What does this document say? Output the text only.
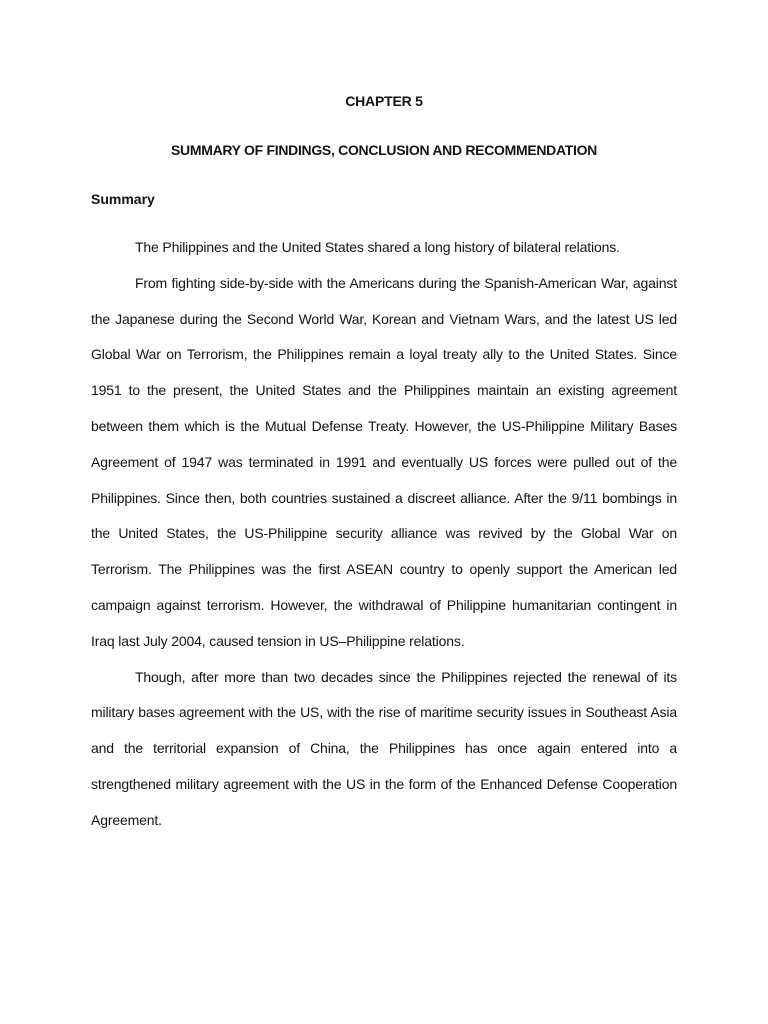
CHAPTER 5
SUMMARY OF FINDINGS, CONCLUSION AND RECOMMENDATION
Summary

The Philippines and the United States shared a long history of bilateral relations.

From fighting side-by-side with the Americans during the Spanish-American War, against the Japanese during the Second World War, Korean and Vietnam Wars, and the latest US led Global War on Terrorism, the Philippines remain a loyal treaty ally to the United States. Since 1951 to the present, the United States and the Philippines maintain an existing agreement between them which is the Mutual Defense Treaty. However, the US-Philippine Military Bases Agreement of 1947 was terminated in 1991 and eventually US forces were pulled out of the Philippines. Since then, both countries sustained a discreet alliance. After the 9/11 bombings in the United States, the US-Philippine security alliance was revived by the Global War on Terrorism. The Philippines was the first ASEAN country to openly support the American led campaign against terrorism. However, the withdrawal of Philippine humanitarian contingent in Iraq last July 2004, caused tension in US–Philippine relations.

Though, after more than two decades since the Philippines rejected the renewal of its military bases agreement with the US, with the rise of maritime security issues in Southeast Asia and the territorial expansion of China, the Philippines has once again entered into a strengthened military agreement with the US in the form of the Enhanced Defense Cooperation Agreement.
